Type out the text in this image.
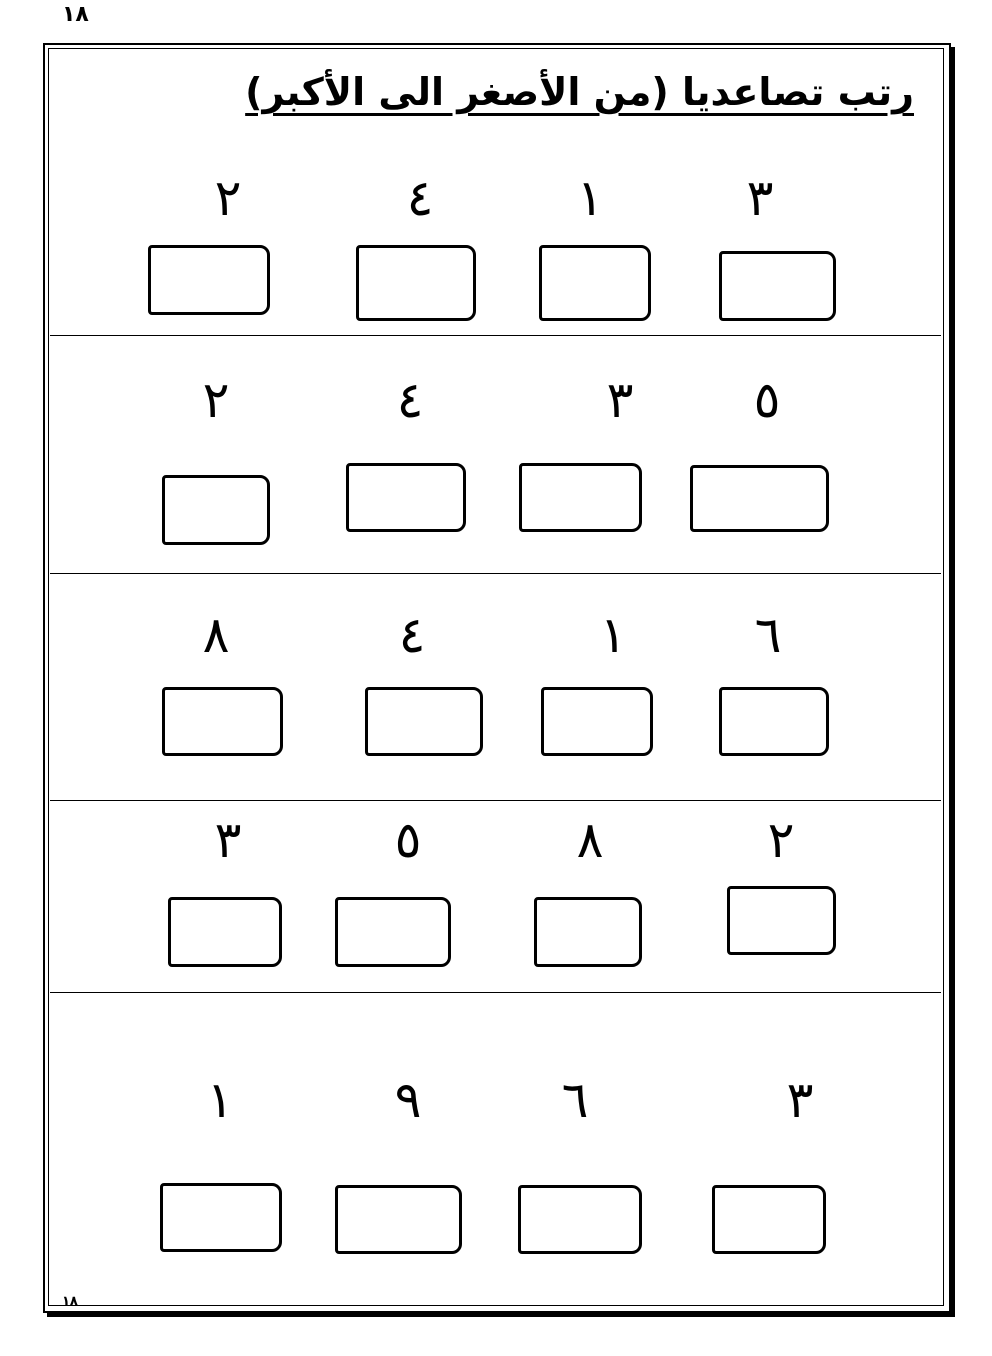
١٨
رتب تصاعديا (من الأصغر الى الأكبر)
٣
١
٤
٢
٥
٣
٤
٢
٦
١
٤
٨
٢
٨
٥
٣
٣
٦
٩
١
١٨
